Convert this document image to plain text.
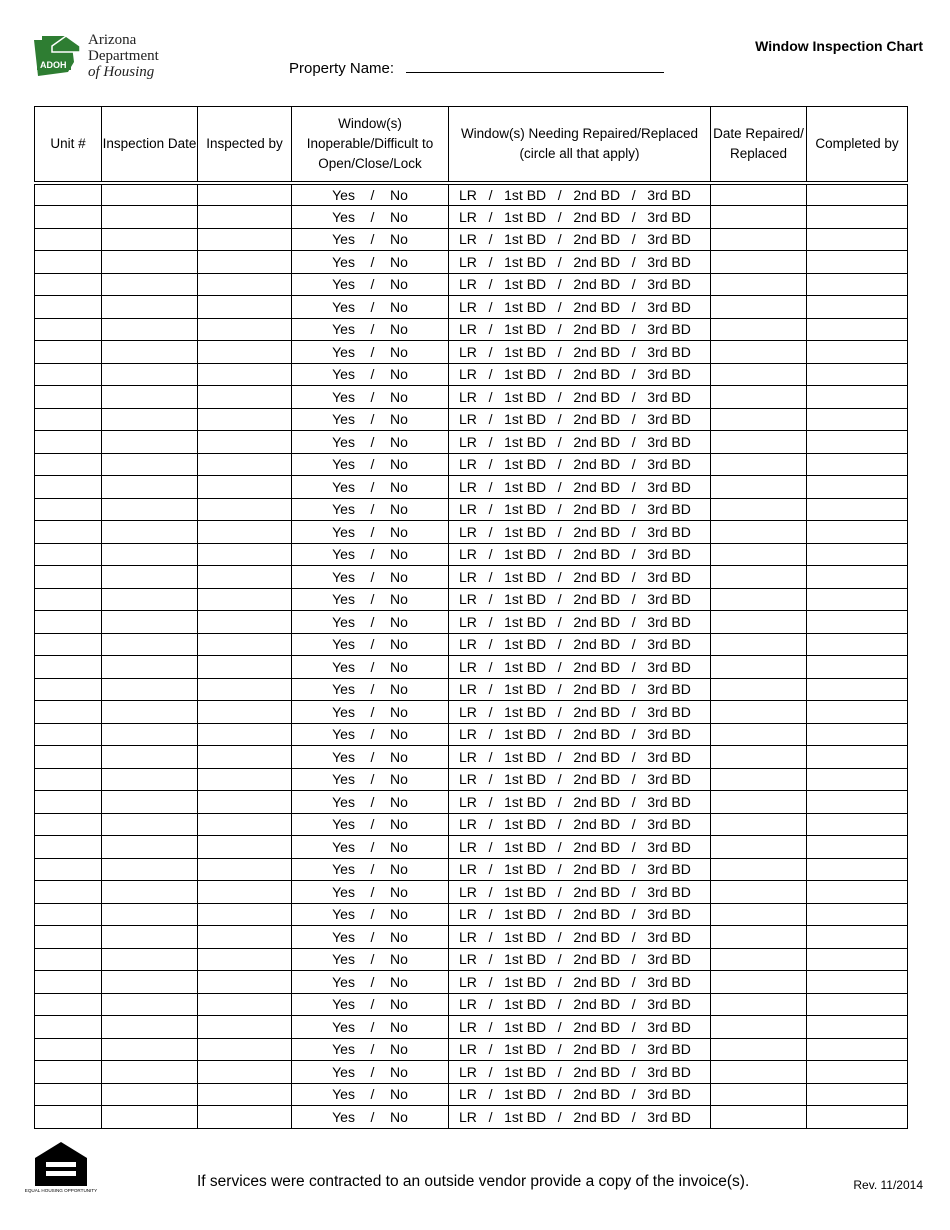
ADOH
Arizona
Department
of Housing
Window Inspection Chart
Property Name:
Unit #	Inspection Date	Inspected by	Window(s) Inoperable/Difficult to Open/Close/Lock	Window(s) Needing Repaired/Replaced (circle all that apply)	Date Repaired/ Replaced	Completed by
			Yes    /    No	LR   /   1st BD   /   2nd BD   /   3rd BD		
			Yes    /    No	LR   /   1st BD   /   2nd BD   /   3rd BD		
			Yes    /    No	LR   /   1st BD   /   2nd BD   /   3rd BD		
			Yes    /    No	LR   /   1st BD   /   2nd BD   /   3rd BD		
			Yes    /    No	LR   /   1st BD   /   2nd BD   /   3rd BD		
			Yes    /    No	LR   /   1st BD   /   2nd BD   /   3rd BD		
			Yes    /    No	LR   /   1st BD   /   2nd BD   /   3rd BD		
			Yes    /    No	LR   /   1st BD   /   2nd BD   /   3rd BD		
			Yes    /    No	LR   /   1st BD   /   2nd BD   /   3rd BD		
			Yes    /    No	LR   /   1st BD   /   2nd BD   /   3rd BD		
			Yes    /    No	LR   /   1st BD   /   2nd BD   /   3rd BD		
			Yes    /    No	LR   /   1st BD   /   2nd BD   /   3rd BD		
			Yes    /    No	LR   /   1st BD   /   2nd BD   /   3rd BD		
			Yes    /    No	LR   /   1st BD   /   2nd BD   /   3rd BD		
			Yes    /    No	LR   /   1st BD   /   2nd BD   /   3rd BD		
			Yes    /    No	LR   /   1st BD   /   2nd BD   /   3rd BD		
			Yes    /    No	LR   /   1st BD   /   2nd BD   /   3rd BD		
			Yes    /    No	LR   /   1st BD   /   2nd BD   /   3rd BD		
			Yes    /    No	LR   /   1st BD   /   2nd BD   /   3rd BD		
			Yes    /    No	LR   /   1st BD   /   2nd BD   /   3rd BD		
			Yes    /    No	LR   /   1st BD   /   2nd BD   /   3rd BD		
			Yes    /    No	LR   /   1st BD   /   2nd BD   /   3rd BD		
			Yes    /    No	LR   /   1st BD   /   2nd BD   /   3rd BD		
			Yes    /    No	LR   /   1st BD   /   2nd BD   /   3rd BD		
			Yes    /    No	LR   /   1st BD   /   2nd BD   /   3rd BD		
			Yes    /    No	LR   /   1st BD   /   2nd BD   /   3rd BD		
			Yes    /    No	LR   /   1st BD   /   2nd BD   /   3rd BD		
			Yes    /    No	LR   /   1st BD   /   2nd BD   /   3rd BD		
			Yes    /    No	LR   /   1st BD   /   2nd BD   /   3rd BD		
			Yes    /    No	LR   /   1st BD   /   2nd BD   /   3rd BD		
			Yes    /    No	LR   /   1st BD   /   2nd BD   /   3rd BD		
			Yes    /    No	LR   /   1st BD   /   2nd BD   /   3rd BD		
			Yes    /    No	LR   /   1st BD   /   2nd BD   /   3rd BD		
			Yes    /    No	LR   /   1st BD   /   2nd BD   /   3rd BD		
			Yes    /    No	LR   /   1st BD   /   2nd BD   /   3rd BD		
			Yes    /    No	LR   /   1st BD   /   2nd BD   /   3rd BD		
			Yes    /    No	LR   /   1st BD   /   2nd BD   /   3rd BD		
			Yes    /    No	LR   /   1st BD   /   2nd BD   /   3rd BD		
			Yes    /    No	LR   /   1st BD   /   2nd BD   /   3rd BD		
			Yes    /    No	LR   /   1st BD   /   2nd BD   /   3rd BD		
			Yes    /    No	LR   /   1st BD   /   2nd BD   /   3rd BD		
			Yes    /    No	LR   /   1st BD   /   2nd BD   /   3rd BD		
EQUAL HOUSING OPPORTUNITY
If services were contracted to an outside vendor provide a copy of the invoice(s).	Rev. 11/2014
